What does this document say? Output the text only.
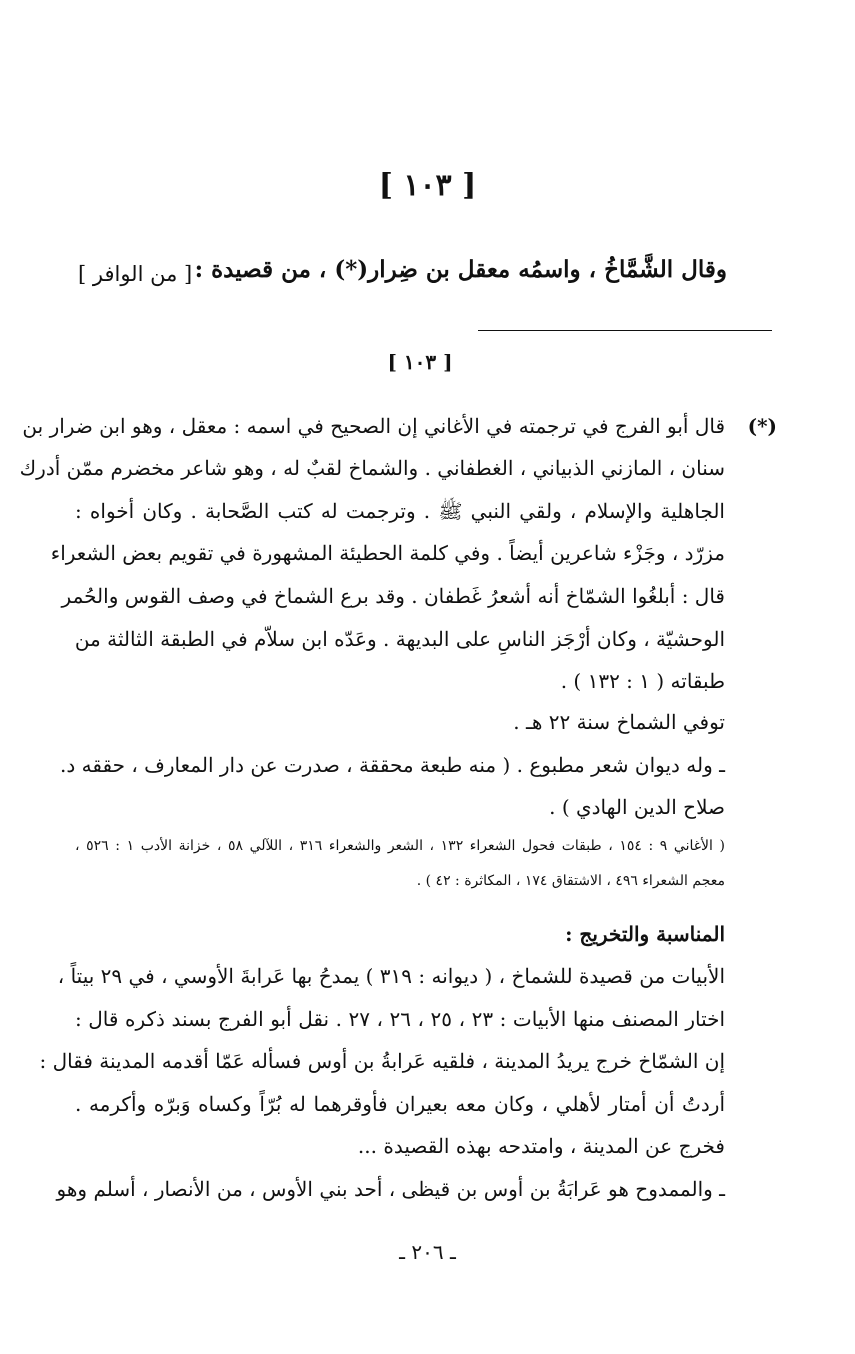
[ ١٠٣ ]
وقال الشَّمَّاخُ ، واسمُه معقل بن ضِرار(*) ، من قصيدة :
[ من الوافر ]
[ ١٠٣ ]
(*)
قال أبو الفرج في ترجمته في الأغاني إن الصحيح في اسمه : معقل ، وهو ابن ضرار بن
سنان ، المازني الذبياني ، الغطفاني . والشماخ لقبٌ له ، وهو شاعر مخضرم ممّن أدرك
الجاهلية والإسلام ، ولقي النبي ﷺ . وترجمت له كتب الصَّحابة . وكان أخواه :
مزرّد ، وجَزْء شاعرين أيضاً . وفي كلمة الحطيئة المشهورة في تقويم بعض الشعراء
قال : أبلغُوا الشمّاخ أنه أشعرُ غَطفان . وقد برع الشماخ في وصف القوس والحُمر
الوحشيّة ، وكان أرْجَز الناسِ على البديهة . وعَدّه ابن سلاّم في الطبقة الثالثة من
طبقاته ( ١ : ١٣٢ ) .
توفي الشماخ سنة ٢٢ هـ .
ـ وله ديوان شعر مطبوع . ( منه طبعة محققة ، صدرت عن دار المعارف ، حققه د.
صلاح الدين الهادي ) .
( الأغاني ٩ : ١٥٤ ، طبقات فحول الشعراء ١٣٢ ، الشعر والشعراء ٣١٦ ، اللآلي ٥٨ ، خزانة الأدب ١ : ٥٢٦ ،
معجم الشعراء ٤٩٦ ، الاشتقاق ١٧٤ ، المكاثرة : ٤٢ ) .
المناسبة والتخريج :
الأبيات من قصيدة للشماخ ، ( ديوانه : ٣١٩ ) يمدحُ بها عَرابةَ الأوسي ، في ٢٩ بيتاً ،
اختار المصنف منها الأبيات : ٢٣ ، ٢٥ ، ٢٦ ، ٢٧ . نقل أبو الفرج بسند ذكره قال :
إن الشمّاخ خرج يريدُ المدينة ، فلقيه عَرابةُ بن أوس فسأله عَمّا أقدمه المدينة فقال :
أردتُ أن أمتار لأهلي ، وكان معه بعيران فأوقرهما له بُرّاً وكساه وَبرّه وأكرمه .
فخرج عن المدينة ، وامتدحه بهذه القصيدة ...
ـ والممدوح هو عَرابَةُ بن أوس بن قيظى ، أحد بني الأوس ، من الأنصار ، أسلم وهو
ـ ٢٠٦ ـ
